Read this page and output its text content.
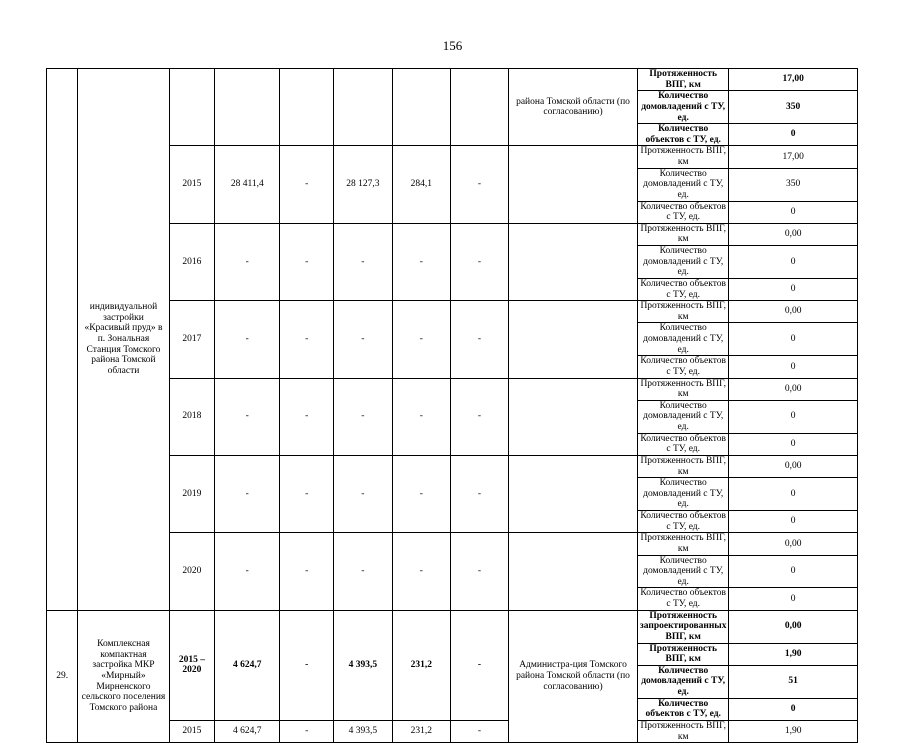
156
	индивидуальной застройки «Красивый пруд» в п. Зональная Станция Томского района Томской области							района Томской области (по согласованию)	Протяженность ВПГ, км	17,00
									Количество домовладений с ТУ, ед.	350
									Количество объектов с ТУ, ед.	0
		2015	28 411,4	-	28 127,3	284,1	-		Протяженность ВПГ, км	17,00
									Количество домовладений с ТУ, ед.	350
									Количество объектов с ТУ, ед.	0
		2016	-	-	-	-	-		Протяженность ВПГ, км	0,00
									Количество домовладений с ТУ, ед.	0
									Количество объектов с ТУ, ед.	0
		2017	-	-	-	-	-		Протяженность ВПГ, км	0,00
									Количество домовладений с ТУ, ед.	0
									Количество объектов с ТУ, ед.	0
		2018	-	-	-	-	-		Протяженность ВПГ, км	0,00
									Количество домовладений с ТУ, ед.	0
									Количество объектов с ТУ, ед.	0
		2019	-	-	-	-	-		Протяженность ВПГ, км	0,00
									Количество домовладений с ТУ, ед.	0
									Количество объектов с ТУ, ед.	0
		2020	-	-	-	-	-		Протяженность ВПГ, км	0,00
									Количество домовладений с ТУ, ед.	0
									Количество объектов с ТУ, ед.	0
29.	Комплексная компактная застройка МКР «Мирный» Мирненского сельского поселения Томского района	2015 – 2020	4 624,7	-	4 393,5	231,2	-	Администра-ция Томского района Томской области (по согласованию)	Протяженность запроектированных ВПГ, км	0,00
									Протяженность ВПГ, км	1,90
									Количество домовладений с ТУ, ед.	51
									Количество объектов с ТУ, ед.	0
		2015	4 624,7	-	4 393,5	231,2	-		Протяженность ВПГ, км	1,90
